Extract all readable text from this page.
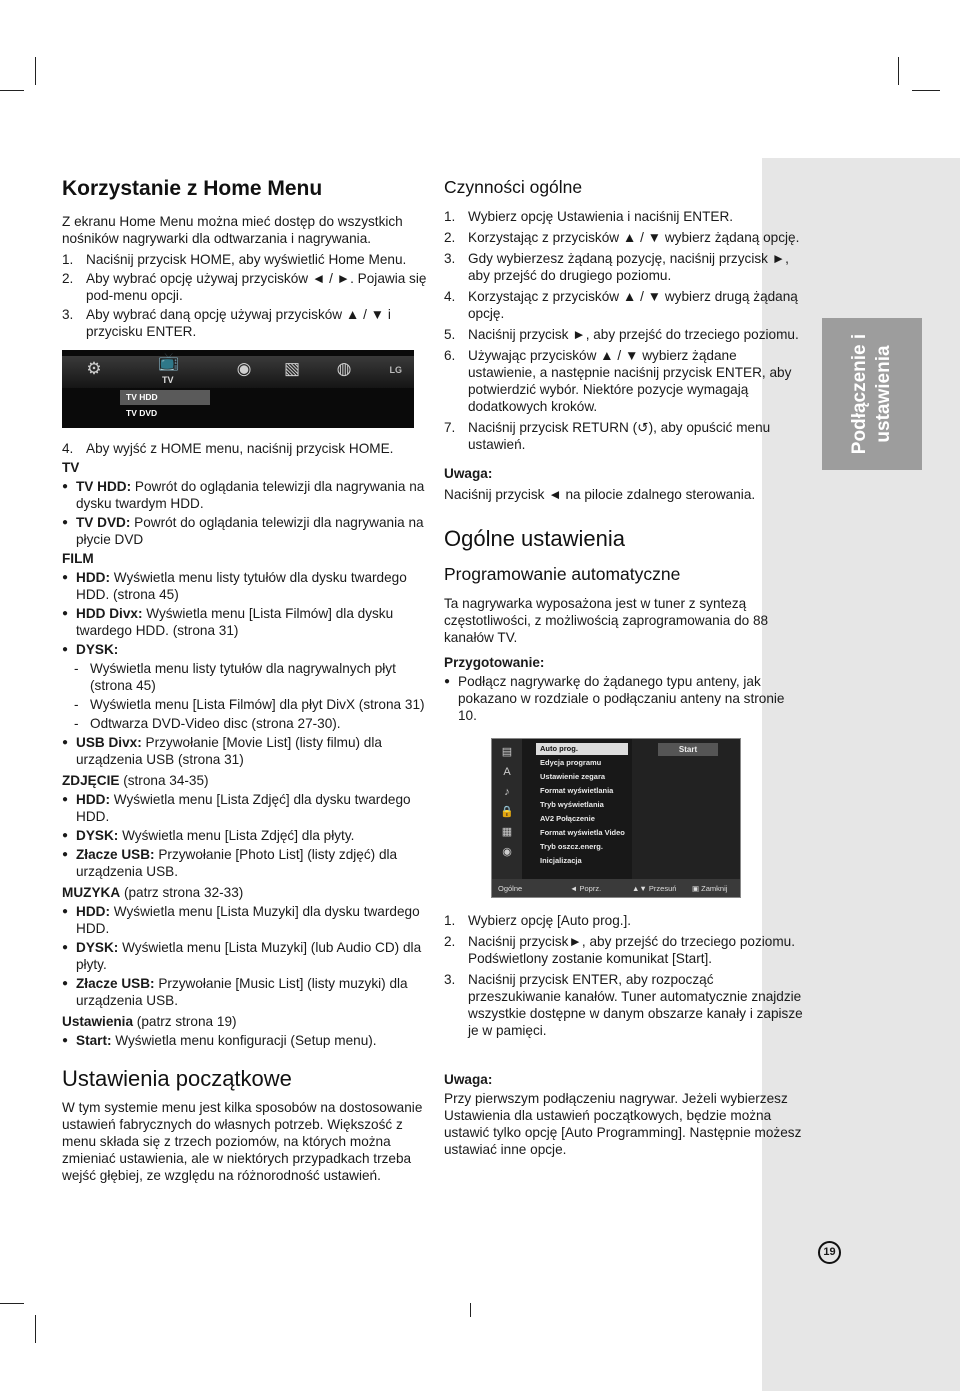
Podłączenie i ustawienia
19
Korzystanie z Home Menu
Z ekranu Home Menu można mieć dostęp do wszystkich nośników nagrywarki dla odtwarzania i nagrywania.
1. Naciśnij przycisk HOME, aby wyświetlić Home Menu.
2. Aby wybrać opcję używaj przycisków ◄ / ►. Pojawia się pod-menu opcji.
3. Aby wybrać daną opcję używaj przycisków ▲ / ▼ i przycisku ENTER.
⚙	📺
TV
◉ ▧ ◍	LG
TV HDD
TV DVD
4. Aby wyjść z HOME menu, naciśnij przycisk HOME.
TV
● TV HDD: Powrót do oglądania telewizji dla nagrywania na dysku twardym HDD.
● TV DVD: Powrót do oglądania telewizji dla nagrywania na płycie DVD
FILM
● HDD: Wyświetla menu listy tytułów dla dysku twardego HDD. (strona 45)
● HDD Divx: Wyświetla menu [Lista Filmów] dla dysku twardego HDD. (strona 31)
● DYSK:
- Wyświetla menu listy tytułów dla nagrywalnych płyt (strona 45)
- Wyświetla menu [Lista Filmów] dla płyt DivX (strona 31)
- Odtwarza DVD-Video disc (strona 27-30).
● USB Divx: Przywołanie [Movie List] (listy filmu) dla urządzenia USB (strona 31)
ZDJĘCIE (strona 34-35)
● HDD: Wyświetla menu [Lista Zdjęć] dla dysku twardego HDD.
● DYSK: Wyświetla menu [Lista Zdjęć] dla płyty.
● Złacze USB: Przywołanie [Photo List] (listy zdjęć) dla urządzenia USB.
MUZYKA (patrz strona 32-33)
● HDD: Wyświetla menu [Lista Muzyki] dla dysku twardego HDD.
● DYSK: Wyświetla menu [Lista Muzyki] (lub Audio CD) dla płyty.
● Złacze USB: Przywołanie [Music List] (listy muzyki) dla urządzenia USB.
Ustawienia (patrz strona 19)
● Start: Wyświetla menu konfiguracji (Setup menu).
Ustawienia początkowe
W tym systemie menu jest kilka sposobów na dostosowanie ustawień fabrycznych do własnych potrzeb. Większość z menu składa się z trzech poziomów, na których można zmieniać ustawienia, ale w niektórych przypadkach trzeba wejść głębiej, ze względu na różnorodność ustawień.
Czynności ogólne
1. Wybierz opcję Ustawienia i naciśnij ENTER.
2. Korzystając z przycisków ▲ / ▼ wybierz żądaną opcję.
3. Gdy wybierzesz żądaną pozycję, naciśnij przycisk ►, aby przejść do drugiego poziomu.
4. Korzystając z przycisków ▲ / ▼ wybierz drugą żądaną opcję.
5. Naciśnij przycisk ►, aby przejść do trzeciego poziomu.
6. Używając przycisków ▲ / ▼ wybierz żądane ustawienie, a następnie naciśnij przycisk ENTER, aby potwierdzić wybór. Niektóre pozycje wymagają dodatkowych kroków.
7. Naciśnij przycisk RETURN (↺), aby opuścić menu ustawień.
Uwaga:
Naciśnij przycisk ◄ na pilocie zdalnego sterowania.
Ogólne ustawienia
Programowanie automatyczne
Ta nagrywarka wyposażona jest w tuner z syntezą częstotliwości, z możliwością zaprogramowania do 88 kanałów TV.
Przygotowanie:
● Podłącz nagrywarkę do żądanego typu anteny, jak pokazano w rozdziale o podłączaniu anteny na stronie 10.
▤
A
♪
🔒
▦
◉
Auto prog.
Edycja programu
Ustawienie zegara
Format wyświetlania
Tryb wyświetlania
AV2 Połączenie
Format wyświetla Video
Tryb oszcz.energ.
Inicjalizacja
Start
Ogólne	◄ Poprz.	▲▼ Przesuń ▣ Zamknij
1. Wybierz opcję [Auto prog.].
2. Naciśnij przycisk►, aby przejść do trzeciego poziomu. Podświetlony zostanie komunikat [Start].
3. Naciśnij przycisk ENTER, aby rozpocząć przeszukiwanie kanałów. Tuner automatycznie znajdzie wszystkie dostępne w danym obszarze kanały i zapisze je w pamięci.
Uwaga:
Przy pierwszym podłączeniu nagrywar. Jeżeli wybierzesz Ustawienia dla ustawień początkowych, będzie można ustawić tylko opcję [Auto Programming]. Następnie możesz ustawiać inne opcje.
